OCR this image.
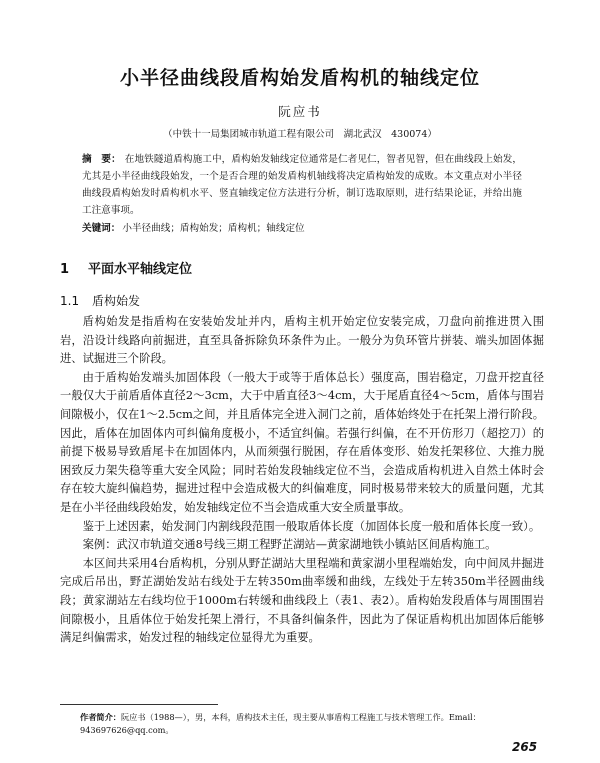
小半径曲线段盾构始发盾构机的轴线定位
阮应书
（中铁十一局集团城市轨道工程有限公司　湖北武汉　430074）
摘　要： 在地铁隧道盾构施工中，盾构始发轴线定位通常是仁者见仁，智者见智，但在曲线段上始发，尤其是小半径曲线段始发，一个是否合理的始发盾构机轴线将决定盾构始发的成败。本文重点对小半径曲线段盾构始发时盾构机水平、竖直轴线定位方法进行分析，制订选取原则，进行结果论证，并给出施工注意事项。
关键词： 小半径曲线；盾构始发；盾构机；轴线定位
1 平面水平轴线定位
1.1 盾构始发

盾构始发是指盾构在安装始发址并内，盾构主机开始定位安装完成，刀盘向前推进贯入围岩，沿设计线路向前掘进，直至具备拆除负环条件为止。一般分为负环管片拼装、端头加固体掘进、试掘进三个阶段。

由于盾构始发端头加固体段（一般大于或等于盾体总长）强度高，围岩稳定，刀盘开挖直径一般仅大于前盾盾体直径2～3cm，大于中盾直径3～4cm，大于尾盾直径4～5cm，盾体与围岩间隙极小，仅在1～2.5cm之间，并且盾体完全进入洞门之前，盾体始终处于在托架上滑行阶段。因此，盾体在加固体内可纠偏角度极小，不适宜纠偏。若强行纠偏，在不开仿形刀（超挖刀）的前提下极易导致盾尾卡在加固体内，从而须强行脱困，存在盾体变形、始发托架移位、大推力脱困致反力架失稳等重大安全风险；同时若始发段轴线定位不当，会造成盾构机进入自然土体时会存在较大旋纠偏趋势，掘进过程中会造成极大的纠偏难度，同时极易带来较大的质量问题，尤其是在小半径曲线段始发，始发轴线定位不当会造成重大安全质量事故。

鉴于上述因素，始发洞门内割线段范围一般取盾体长度（加固体长度一般和盾体长度一致）。

案例：武汉市轨道交通8号线三期工程野芷湖站—黄家湖地铁小镇站区间盾构施工。

本区间共采用4台盾构机，分别从野芷湖站大里程端和黄家湖小里程端始发，向中间凤井掘进完成后吊出，野芷湖始发站右线处于左转350m曲率缓和曲线，左线处于左转350m半径圆曲线段；黄家湖站左右线均位于1000m右转缓和曲线段上（表1、表2）。盾构始发段盾体与周围围岩间隙极小，且盾体位于始发托架上滑行，不具备纠偏条件，因此为了保证盾构机出加固体后能够满足纠偏需求，始发过程的轴线定位显得尤为重要。

作者简介：阮应书（1988—），男，本科，盾构技术主任，现主要从事盾构工程施工与技术管理工作。Email：943697626@qq.com。
265
